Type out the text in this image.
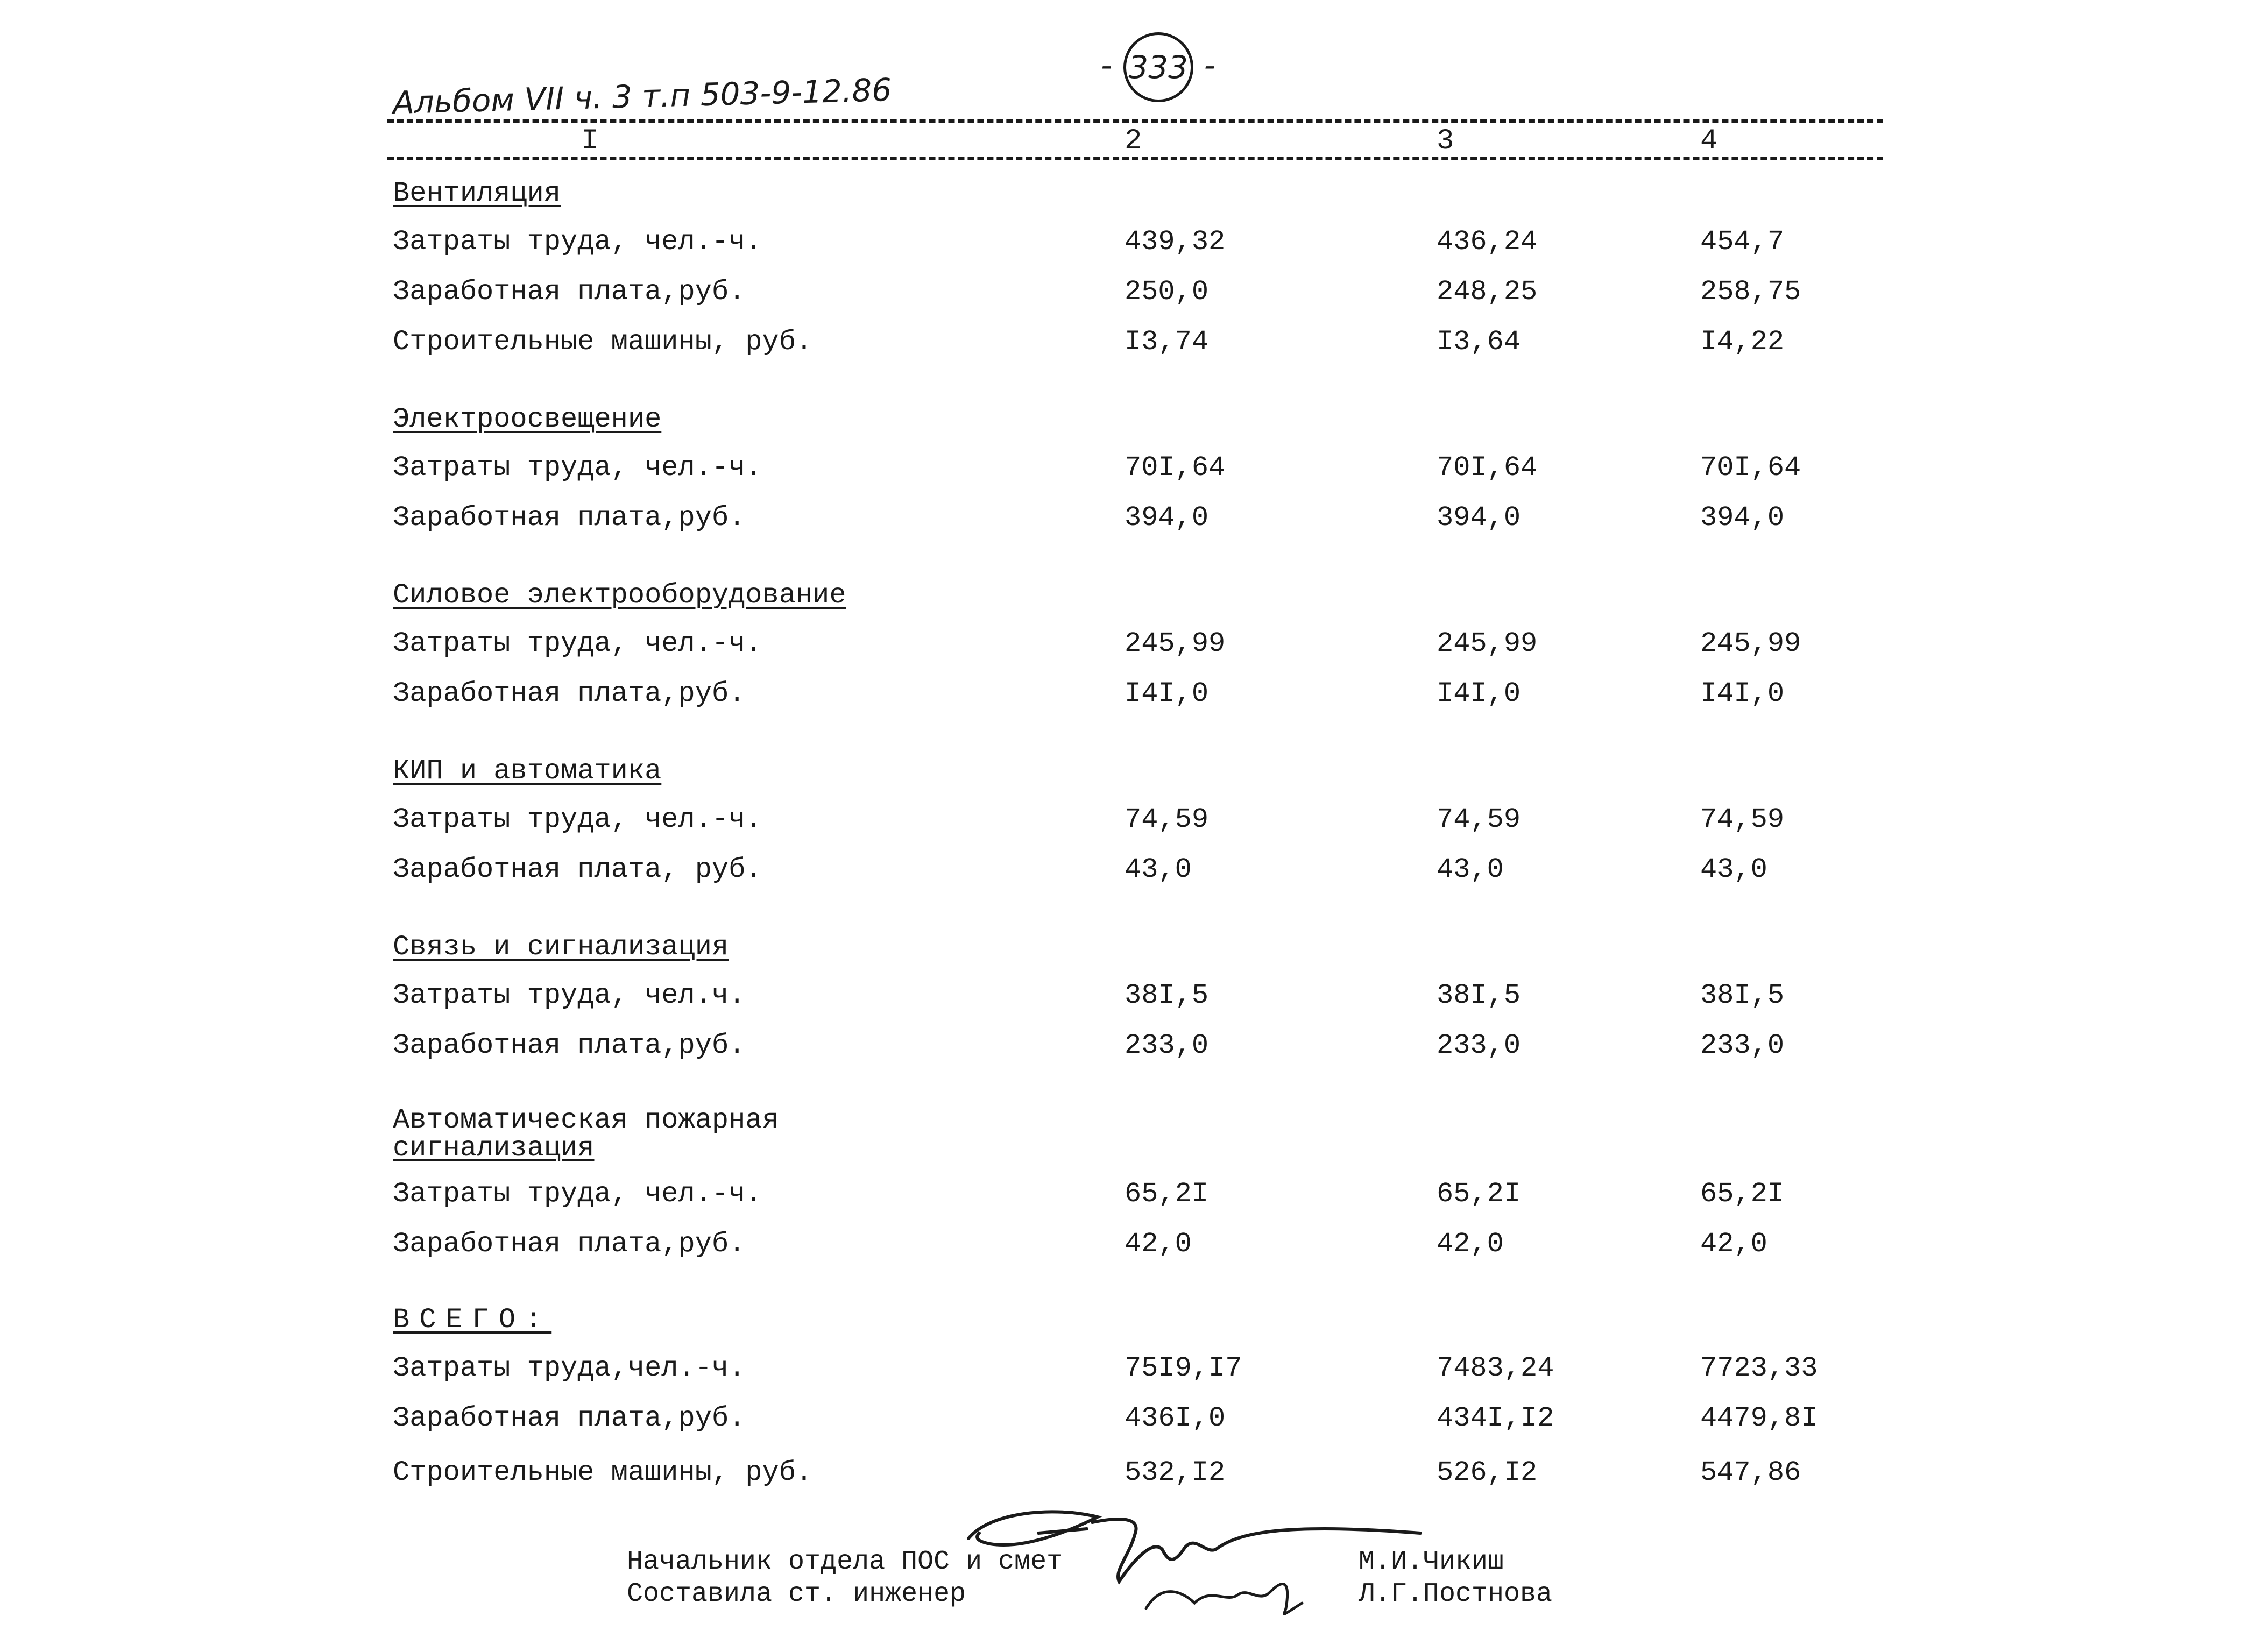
- 333 -
Альбом VII ч. 3 т.п 503-9-12.86
I	2	3	4
Вентиляция
Затраты труда, чел.-ч.	439,32	436,24	454,7
Заработная плата,руб.	250,0	248,25	258,75
Строительные машины, руб.	I3,74	I3,64	I4,22
Электроосвещение
Затраты труда, чел.-ч.	70I,64	70I,64	70I,64
Заработная плата,руб.	394,0	394,0	394,0
Силовое электрооборудование
Затраты труда, чел.-ч.	245,99	245,99	245,99
Заработная плата,руб.	I4I,0	I4I,0	I4I,0
КИП и автоматика
Затраты труда, чел.-ч.	74,59	74,59	74,59
Заработная плата, руб.	43,0	43,0	43,0
Связь и сигнализация
Затраты труда, чел.ч.	38I,5	38I,5	38I,5
Заработная плата,руб.	233,0	233,0	233,0
Автоматическая пожарная
сигнализация
Затраты труда, чел.-ч.	65,2I	65,2I	65,2I
Заработная плата,руб.	42,0	42,0	42,0
ВСЕГО:
Затраты труда,чел.-ч.	75I9,I7	7483,24	7723,33
Заработная плата,руб.	436I,0	434I,I2	4479,8I
Строительные машины, руб.	532,I2	526,I2	547,86
Начальник отдела ПОС и смет	М.И.Чикиш
Составила ст. инженер	Л.Г.Постнова
